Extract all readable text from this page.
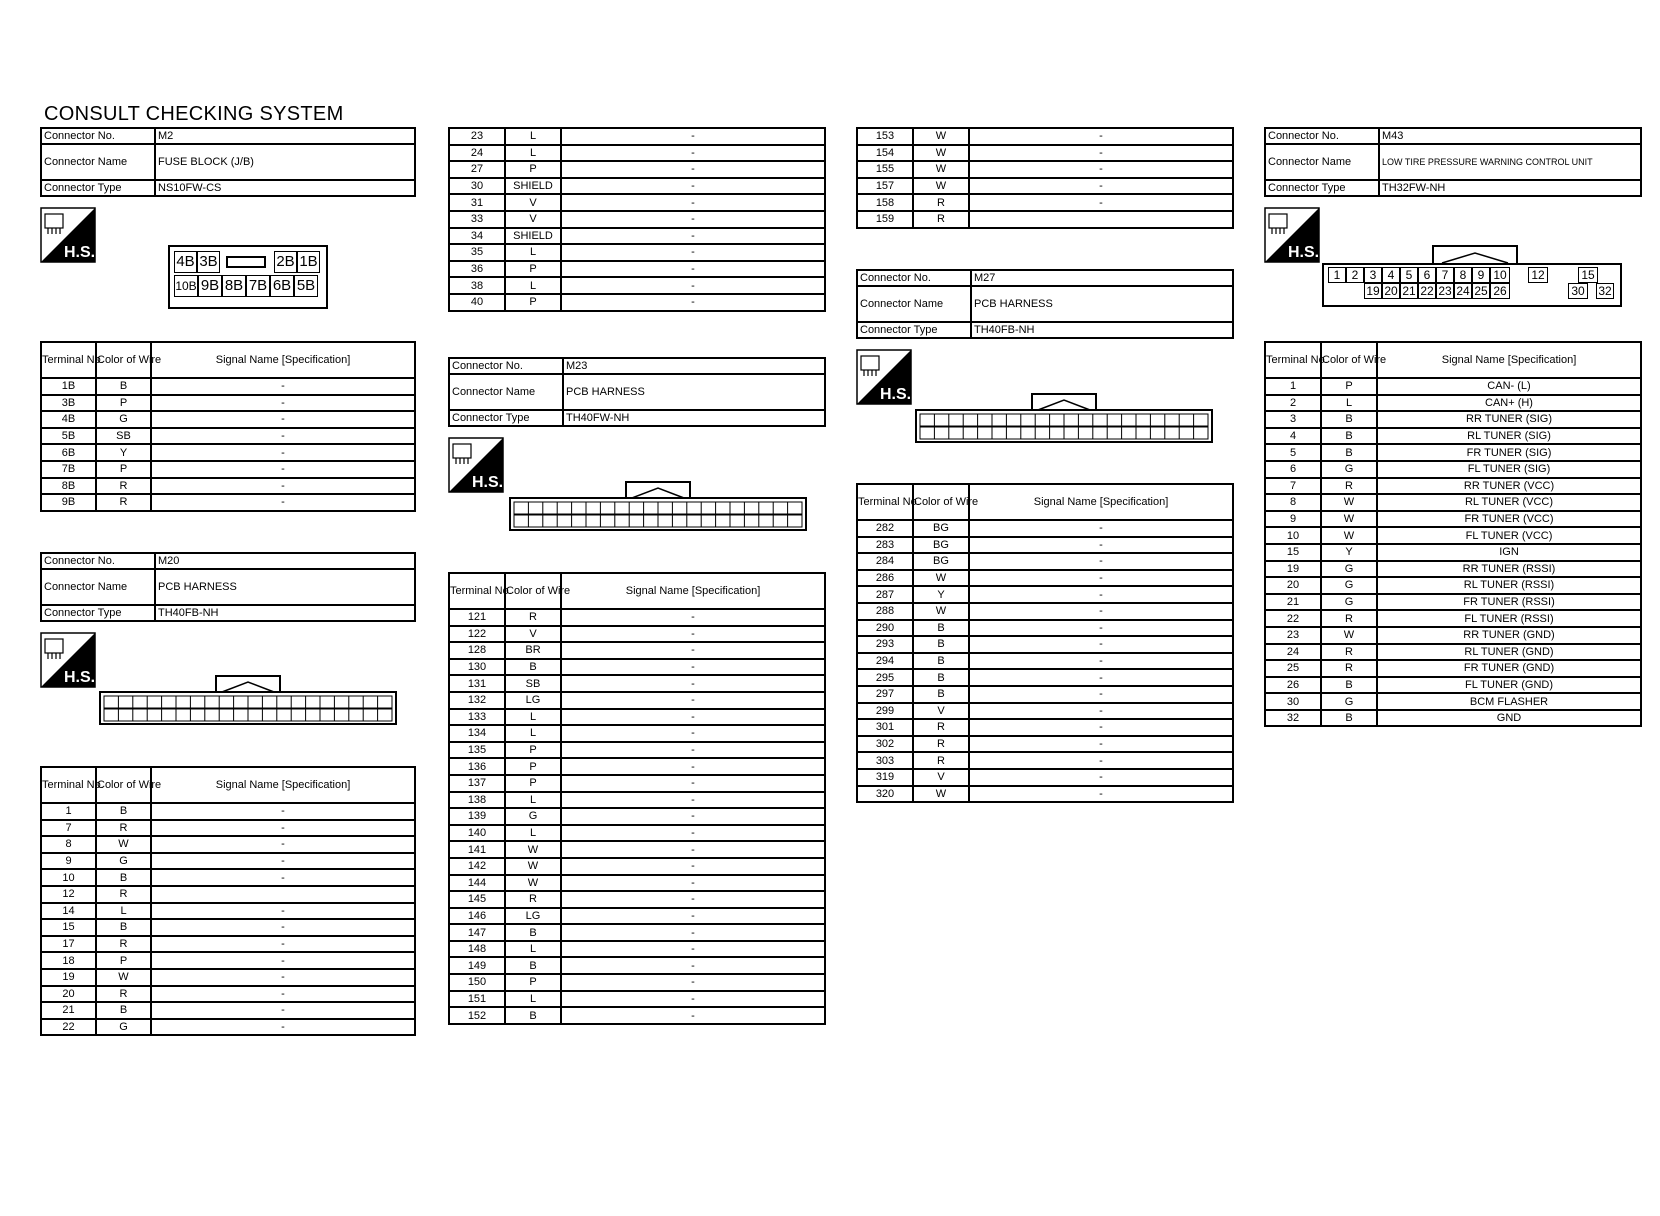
CONSULT CHECKING SYSTEM
Connector No.	M2
Connector Name	FUSE BLOCK (J/B)
Connector Type	NS10FW-CS
H.S.
4B 3B	2B 1B
10B 9B 8B 7B 6B 5B
Terminal No.	Color of Wire	Signal Name [Specification]
1B	B	-
3B	P	-
4B	G	-
5B	SB	-
6B	Y	-
7B	P	-
8B	R	-
9B	R	-
Connector No.	M20
Connector Name	PCB HARNESS
Connector Type	TH40FB-NH
H.S.
Terminal No.	Color of Wire	Signal Name [Specification]
1	B	-
7	R	-
8	W	-
9	G	-
10	B	-
12	R	
14	L	-
15	B	-
17	R	-
18	P	-
19	W	-
20	R	-
21	B	-
22	G	-
23	L	-
24	L	-
27	P	-
30	SHIELD	-
31	V	-
33	V	-
34	SHIELD	-
35	L	-
36	P	-
38	L	-
40	P	-
Connector No.	M23
Connector Name	PCB HARNESS
Connector Type	TH40FW-NH
H.S.
Terminal No.	Color of Wire	Signal Name [Specification]
121	R	-
122	V	-
128	BR	-
130	B	-
131	SB	-
132	LG	-
133	L	-
134	L	-
135	P	-
136	P	-
137	P	-
138	L	-
139	G	-
140	L	-
141	W	-
142	W	-
144	W	-
145	R	-
146	LG	-
147	B	-
148	L	-
149	B	-
150	P	-
151	L	-
152	B	-
153	W	-
154	W	-
155	W	-
157	W	-
158	R	-
159	R	
Connector No.	M27
Connector Name	PCB HARNESS
Connector Type	TH40FB-NH
H.S.
Terminal No.	Color of Wire	Signal Name [Specification]
282	BG	-
283	BG	-
284	BG	-
286	W	-
287	Y	-
288	W	-
290	B	-
293	B	-
294	B	-
295	B	-
297	B	-
299	V	-
301	R	-
302	R	-
303	R	-
319	V	-
320	W	-
Connector No.	M43
Connector Name	LOW TIRE PRESSURE WARNING CONTROL UNIT
Connector Type	TH32FW-NH
H.S.
1 2 3 4 5 6 7 8 9 10 12	15
19 20 21 22 23 24 25 26	30 32
Terminal No.	Color of Wire	Signal Name [Specification]
1	P	CAN- (L)
2	L	CAN+ (H)
3	B	RR TUNER (SIG)
4	B	RL TUNER (SIG)
5	B	FR TUNER (SIG)
6	G	FL TUNER (SIG)
7	R	RR TUNER (VCC)
8	W	RL TUNER (VCC)
9	W	FR TUNER (VCC)
10	W	FL TUNER (VCC)
15	Y	IGN
19	G	RR TUNER (RSSI)
20	G	RL TUNER (RSSI)
21	G	FR TUNER (RSSI)
22	R	FL TUNER (RSSI)
23	W	RR TUNER (GND)
24	R	RL TUNER (GND)
25	R	FR TUNER (GND)
26	B	FL TUNER (GND)
30	G	BCM FLASHER
32	B	GND
